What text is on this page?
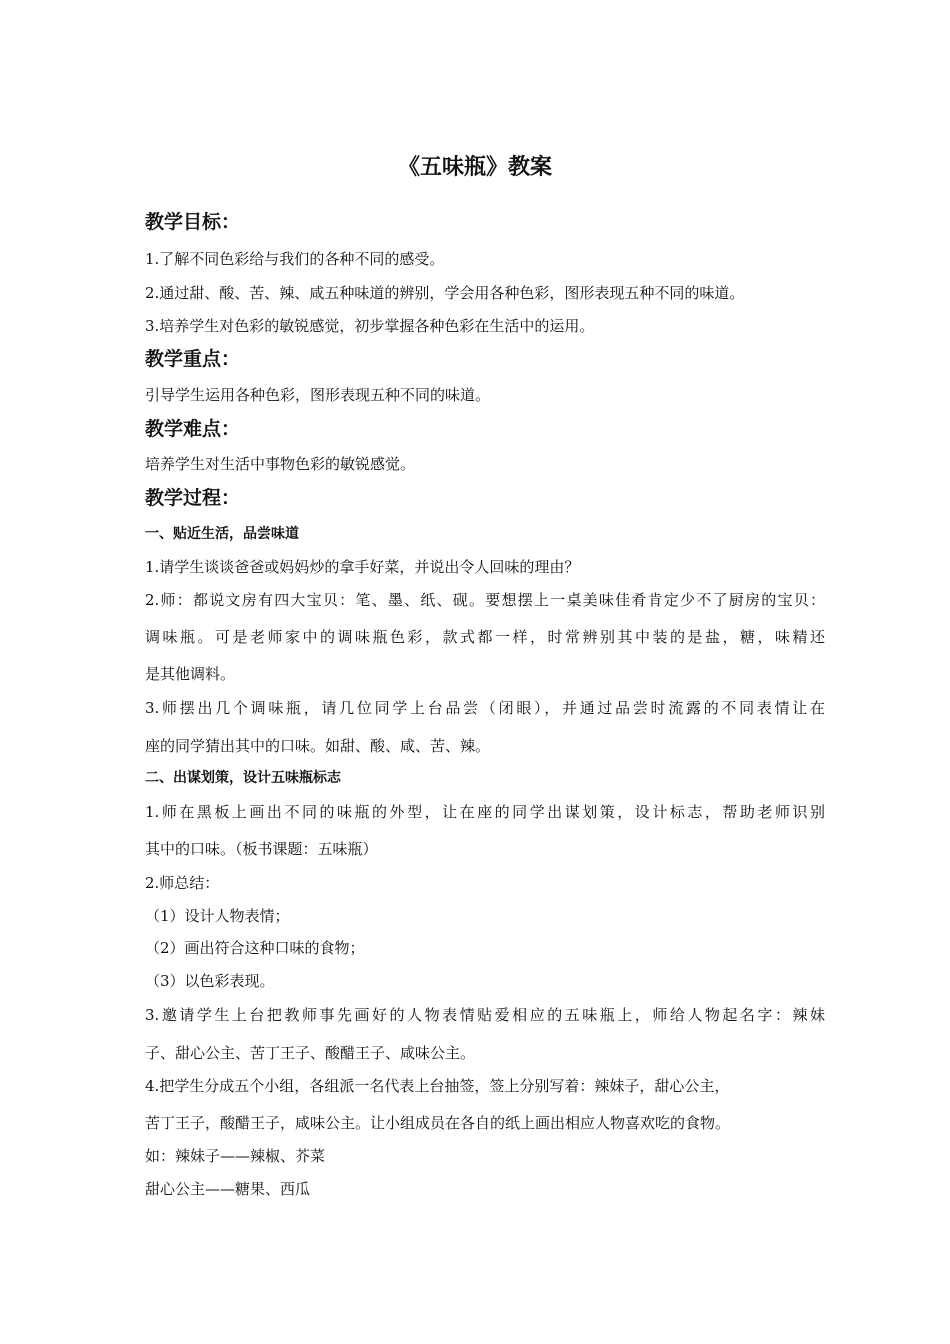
《五味瓶》教案
教学目标：
1.了解不同色彩给与我们的各种不同的感受。
2.通过甜、酸、苦、辣、咸五种味道的辨别，学会用各种色彩，图形表现五种不同的味道。
3.培养学生对色彩的敏锐感觉，初步掌握各种色彩在生活中的运用。
教学重点：
引导学生运用各种色彩，图形表现五种不同的味道。
教学难点：
培养学生对生活中事物色彩的敏锐感觉。
教学过程：
一、贴近生活，品尝味道
1.请学生谈谈爸爸或妈妈炒的拿手好菜，并说出令人回味的理由？
2.师：都说文房有四大宝贝：笔、墨、纸、砚。要想摆上一桌美味佳肴肯定少不了厨房的宝贝：
调味瓶。可是老师家中的调味瓶色彩，款式都一样，时常辨别其中装的是盐，糖，味精还
是其他调料。
3.师摆出几个调味瓶，请几位同学上台品尝（闭眼），并通过品尝时流露的不同表情让在
座的同学猜出其中的口味。如甜、酸、咸、苦、辣。
二、出谋划策，设计五味瓶标志
1.师在黑板上画出不同的味瓶的外型，让在座的同学出谋划策，设计标志，帮助老师识别
其中的口味。（板书课题：五味瓶）
2.师总结：
（1）设计人物表情；
（2）画出符合这种口味的食物；
（3）以色彩表现。
3.邀请学生上台把教师事先画好的人物表情贴爱相应的五味瓶上，师给人物起名字：辣妹
子、甜心公主、苦丁王子、酸醋王子、咸味公主。
4.把学生分成五个小组，各组派一名代表上台抽签，签上分别写着：辣妹子，甜心公主，
苦丁王子，酸醋王子，咸味公主。让小组成员在各自的纸上画出相应人物喜欢吃的食物。
如：辣妹子——辣椒、芥菜
甜心公主——糖果、西瓜
